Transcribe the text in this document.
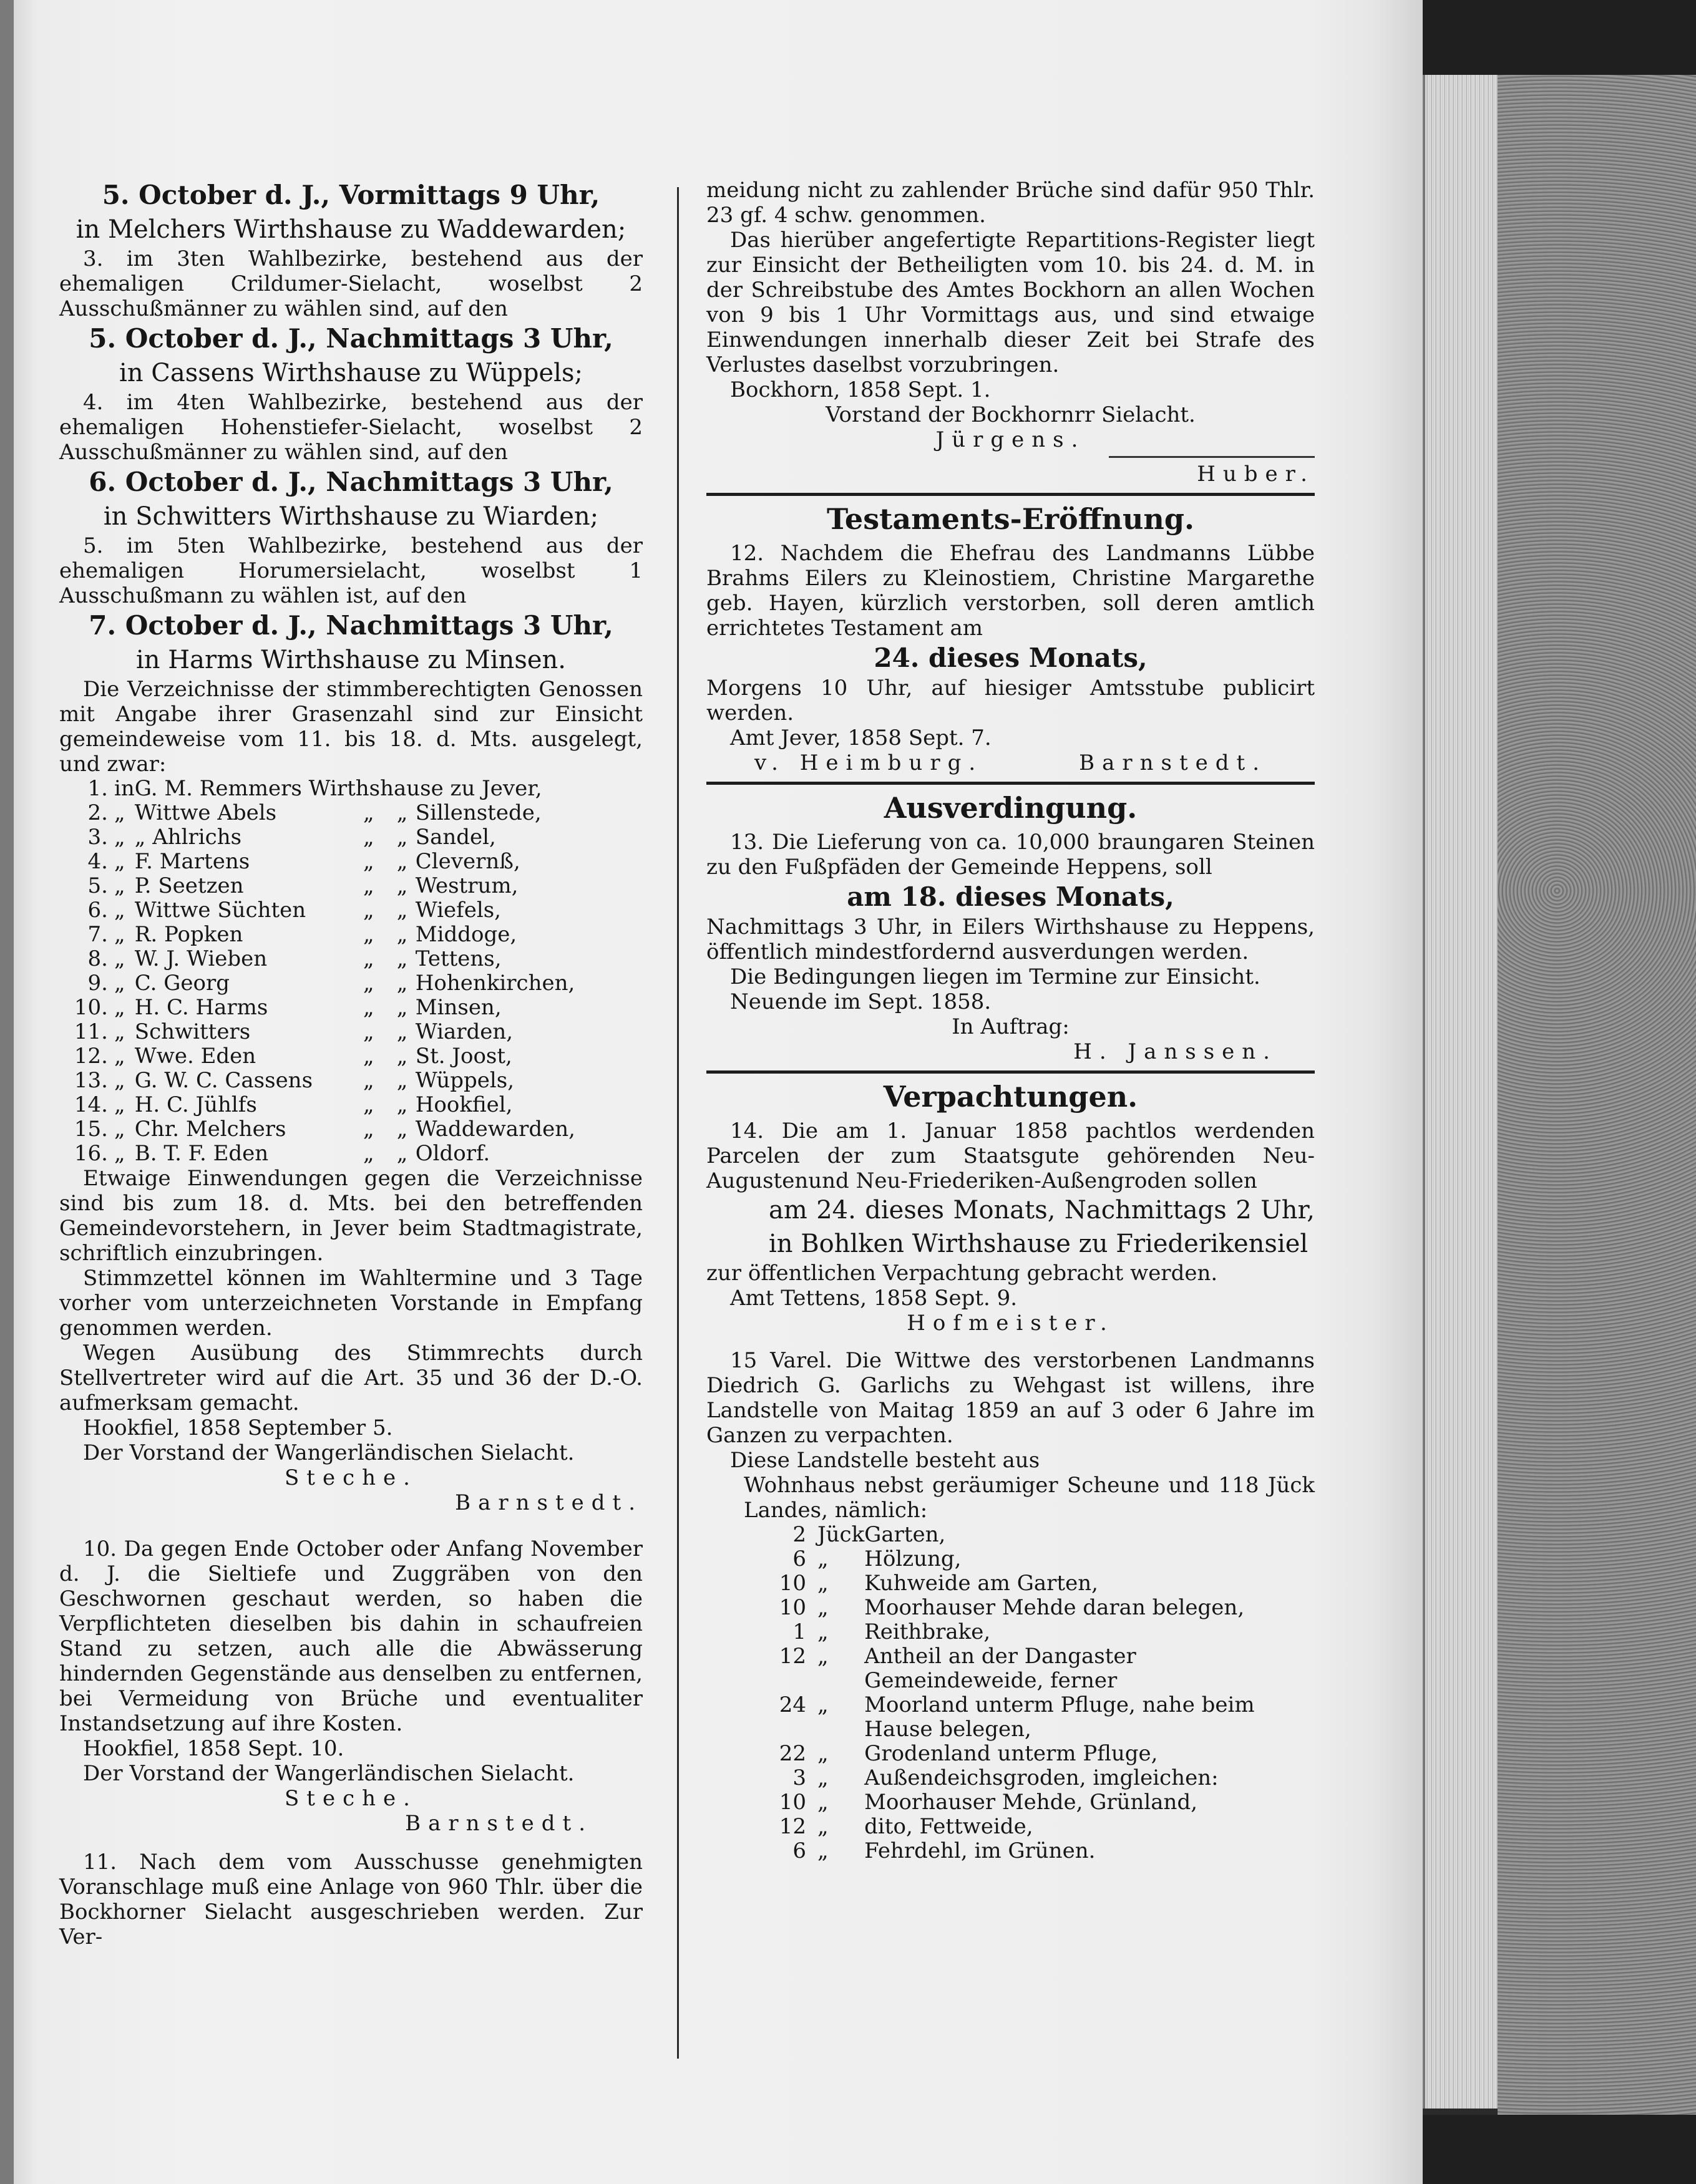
5. October d. J., Vormittags 9 Uhr,

in Melchers Wirthshause zu Waddewarden;

3. im 3ten Wahlbezirke, bestehend aus der ehemaligen Crildumer-Sielacht, woselbst 2 Ausschußmänner zu wählen sind, auf den

5. October d. J., Nachmittags 3 Uhr,

in Cassens Wirthshause zu Wüppels;

4. im 4ten Wahlbezirke, bestehend aus der ehemaligen Hohenstiefer-Sielacht, woselbst 2 Ausschußmänner zu wählen sind, auf den

6. October d. J., Nachmittags 3 Uhr,

in Schwitters Wirthshause zu Wiarden;

5. im 5ten Wahlbezirke, bestehend aus der ehemaligen Horumersielacht, woselbst 1 Ausschußmann zu wählen ist, auf den

7. October d. J., Nachmittags 3 Uhr,

in Harms Wirthshause zu Minsen.

Die Verzeichnisse der stimmberechtigten Genossen mit Angabe ihrer Grasenzahl sind zur Einsicht gemeindeweise vom 11. bis 18. d. Mts. ausgelegt, und zwar:

1.	in	G. M. Remmers Wirthshause zu Jever,			
2.	„	Wittwe Abels	„	„	Sillenstede,
3.	„	„ Ahlrichs	„	„	Sandel,
4.	„	F. Martens	„	„	Clevernß,
5.	„	P. Seetzen	„	„	Westrum,
6.	„	Wittwe Süchten	„	„	Wiefels,
7.	„	R. Popken	„	„	Middoge,
8.	„	W. J. Wieben	„	„	Tettens,
9.	„	C. Georg	„	„	Hohenkirchen,
10.	„	H. C. Harms	„	„	Minsen,
11.	„	Schwitters	„	„	Wiarden,
12.	„	Wwe. Eden	„	„	St. Joost,
13.	„	G. W. C. Cassens	„	„	Wüppels,
14.	„	H. C. Jühlfs	„	„	Hookfiel,
15.	„	Chr. Melchers	„	„	Waddewarden,
16.	„	B. T. F. Eden	„	„	Oldorf.

Etwaige Einwendungen gegen die Verzeichnisse sind bis zum 18. d. Mts. bei den betreffenden Gemeindevorstehern, in Jever beim Stadtmagistrate, schriftlich einzubringen.

Stimmzettel können im Wahltermine und 3 Tage vorher vom unterzeichneten Vorstande in Empfang genommen werden.

Wegen Ausübung des Stimmrechts durch Stellvertreter wird auf die Art. 35 und 36 der D.-O. aufmerksam gemacht.

Hookfiel, 1858 September 5.

Der Vorstand der Wangerländischen Sielacht.

Steche.

Barnstedt.

10. Da gegen Ende October oder Anfang November d. J. die Sieltiefe und Zuggräben von den Geschwornen geschaut werden, so haben die Verpflichteten dieselben bis dahin in schaufreien Stand zu setzen, auch alle die Abwässerung hindernden Gegenstände aus denselben zu entfernen, bei Vermeidung von Brüche und eventualiter Instandsetzung auf ihre Kosten.

Hookfiel, 1858 Sept. 10.

Der Vorstand der Wangerländischen Sielacht.

Steche.

Barnstedt.

11. Nach dem vom Ausschusse genehmigten Voranschlage muß eine Anlage von 960 Thlr. über die Bockhorner Sielacht ausgeschrieben werden. Zur Ver-

meidung nicht zu zahlender Brüche sind dafür 950 Thlr. 23 gf. 4 schw. genommen.

Das hierüber angefertigte Repartitions-Register liegt zur Einsicht der Betheiligten vom 10. bis 24. d. M. in der Schreibstube des Amtes Bockhorn an allen Wochen von 9 bis 1 Uhr Vormittags aus, und sind etwaige Einwendungen innerhalb dieser Zeit bei Strafe des Verlustes daselbst vorzubringen.

Bockhorn, 1858 Sept. 1.

Vorstand der Bockhornrr Sielacht.

Jürgens.

Huber.

Testaments-Eröffnung.

12. Nachdem die Ehefrau des Landmanns Lübbe Brahms Eilers zu Kleinostiem, Christine Margarethe geb. Hayen, kürzlich verstorben, soll deren amtlich errichtetes Testament am

24. dieses Monats,

Morgens 10 Uhr, auf hiesiger Amtsstube publicirt werden.

Amt Jever, 1858 Sept. 7.

v. Heimburg.	Barnstedt.

Ausverdingung.

13. Die Lieferung von ca. 10,000 braungaren Steinen zu den Fußpfäden der Gemeinde Heppens, soll

am 18. dieses Monats,

Nachmittags 3 Uhr, in Eilers Wirthshause zu Heppens, öffentlich mindestfordernd ausverdungen werden.

Die Bedingungen liegen im Termine zur Einsicht.

Neuende im Sept. 1858.

In Auftrag:

H. Janssen.

Verpachtungen.

14. Die am 1. Januar 1858 pachtlos werdenden Parcelen der zum Staatsgute gehörenden Neu-Augustenund Neu-Friederiken-Außengroden sollen

am 24. dieses Monats, Nachmittags 2 Uhr, in Bohlken Wirthshause zu Friederikensiel

zur öffentlichen Verpachtung gebracht werden.

Amt Tettens, 1858 Sept. 9.

Hofmeister.

15 Varel. Die Wittwe des verstorbenen Landmanns Diedrich G. Garlichs zu Wehgast ist willens, ihre Landstelle von Maitag 1859 an auf 3 oder 6 Jahre im Ganzen zu verpachten.

Diese Landstelle besteht aus

Wohnhaus nebst geräumiger Scheune und 118 Jück Landes, nämlich:

2	Jück	Garten,
6	„	Hölzung,
10	„	Kuhweide am Garten,
10	„	Moorhauser Mehde daran belegen,
1	„	Reithbrake,
12	„	Antheil an der Dangaster Gemeindeweide, ferner
24	„	Moorland unterm Pfluge, nahe beim Hause belegen,
22	„	Grodenland unterm Pfluge,
3	„	Außendeichsgroden, imgleichen:
10	„	Moorhauser Mehde, Grünland,
12	„	dito, Fettweide,
6	„	Fehrdehl, im Grünen.
